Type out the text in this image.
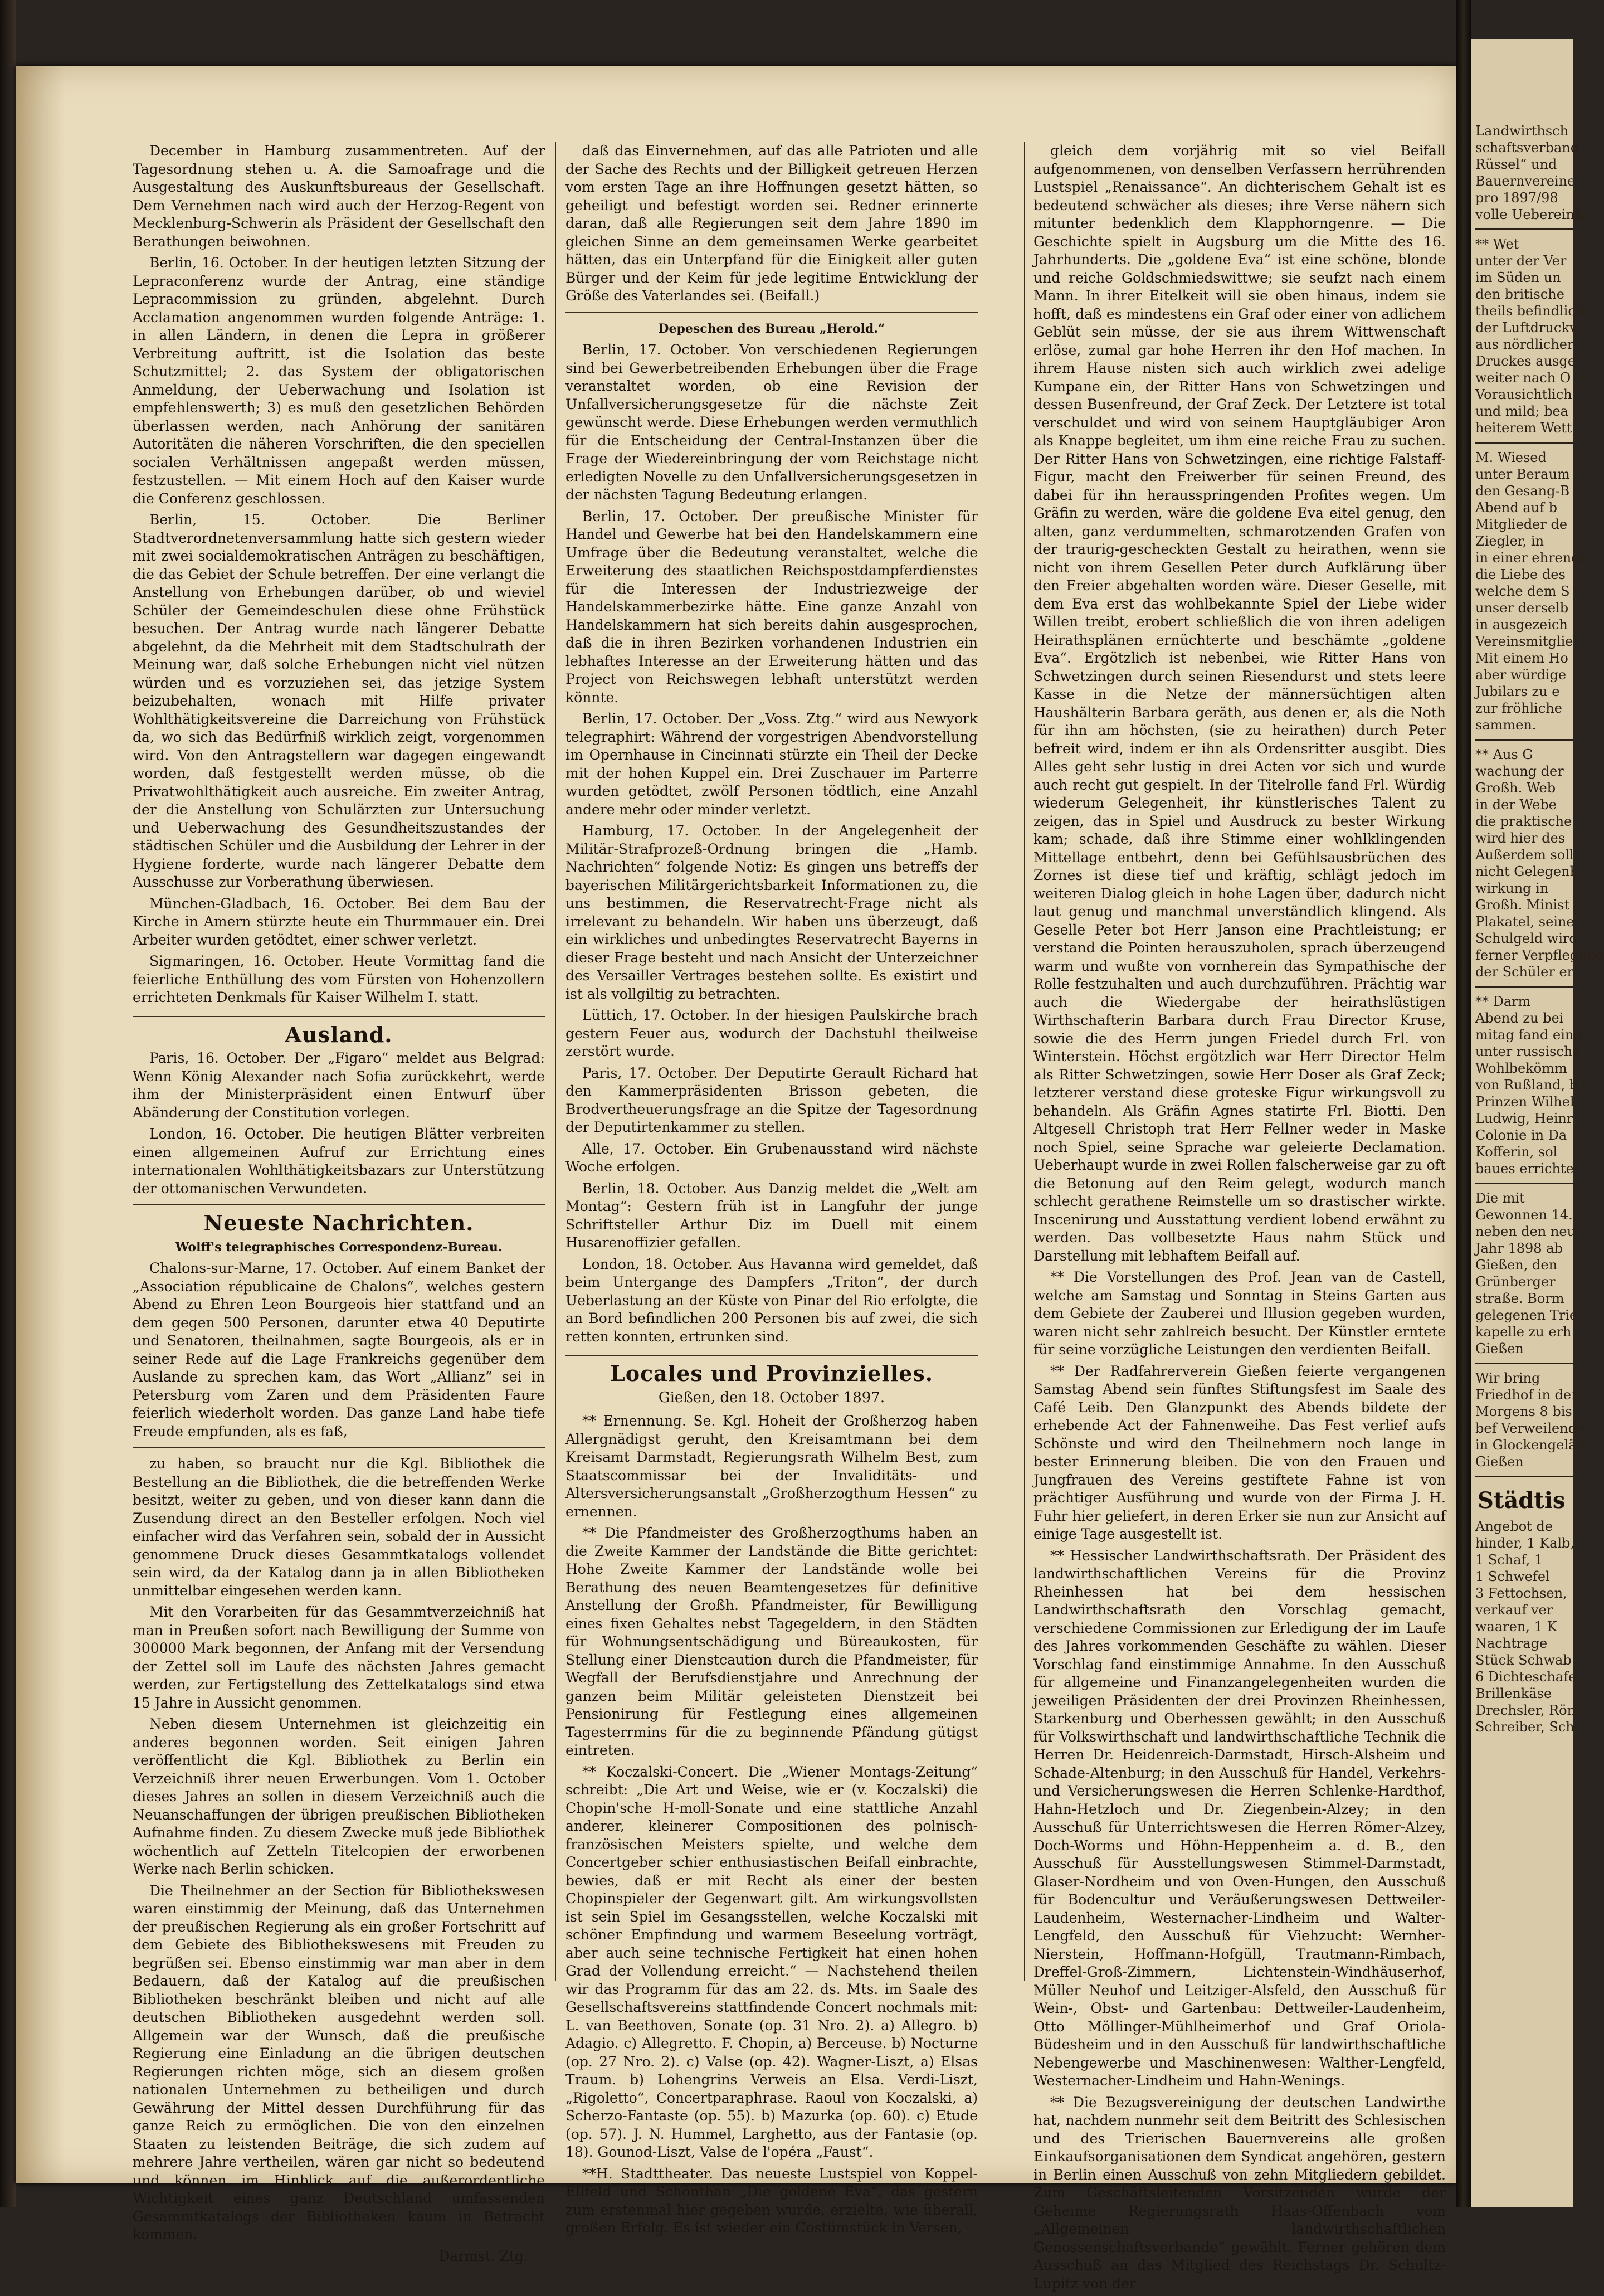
December in Hamburg zusammentreten. Auf der Tagesordnung stehen u. A. die Samoafrage und die Ausgestaltung des Auskunftsbureaus der Gesellschaft. Dem Vernehmen nach wird auch der Herzog-Regent von Mecklenburg-Schwerin als Präsident der Gesellschaft den Berathungen beiwohnen.

Berlin, 16. October. In der heutigen letzten Sitzung der Lepraconferenz wurde der Antrag, eine ständige Lepracommission zu gründen, abgelehnt. Durch Acclamation angenommen wurden folgende Anträge: 1. in allen Ländern, in denen die Lepra in größerer Verbreitung auftritt, ist die Isolation das beste Schutzmittel; 2. das System der obligatorischen Anmeldung, der Ueberwachung und Isolation ist empfehlenswerth; 3) es muß den gesetzlichen Behörden überlassen werden, nach Anhörung der sanitären Autoritäten die näheren Vorschriften, die den speciellen socialen Verhältnissen angepaßt werden müssen, festzustellen. — Mit einem Hoch auf den Kaiser wurde die Conferenz geschlossen.

Berlin, 15. October. Die Berliner Stadtverordnetenversammlung hatte sich gestern wieder mit zwei socialdemokratischen Anträgen zu beschäftigen, die das Gebiet der Schule betreffen. Der eine verlangt die Anstellung von Erhebungen darüber, ob und wieviel Schüler der Gemeindeschulen diese ohne Frühstück besuchen. Der Antrag wurde nach längerer Debatte abgelehnt, da die Mehrheit mit dem Stadtschulrath der Meinung war, daß solche Erhebungen nicht viel nützen würden und es vorzuziehen sei, das jetzige System beizubehalten, wonach mit Hilfe privater Wohlthätigkeitsvereine die Darreichung von Frühstück da, wo sich das Bedürfniß wirklich zeigt, vorgenommen wird. Von den Antragstellern war dagegen eingewandt worden, daß festgestellt werden müsse, ob die Privatwohlthätigkeit auch ausreiche. Ein zweiter Antrag, der die Anstellung von Schulärzten zur Untersuchung und Ueberwachung des Gesundheitszustandes der städtischen Schüler und die Ausbildung der Lehrer in der Hygiene forderte, wurde nach längerer Debatte dem Ausschusse zur Vorberathung überwiesen.

München-Gladbach, 16. October. Bei dem Bau der Kirche in Amern stürzte heute ein Thurmmauer ein. Drei Arbeiter wurden getödtet, einer schwer verletzt.

Sigmaringen, 16. October. Heute Vormittag fand die feierliche Enthüllung des vom Fürsten von Hohenzollern errichteten Denkmals für Kaiser Wilhelm I. statt.

Ausland.

Paris, 16. October. Der „Figaro“ meldet aus Belgrad: Wenn König Alexander nach Sofia zurückkehrt, werde ihm der Ministerpräsident einen Entwurf über Abänderung der Constitution vorlegen.

London, 16. October. Die heutigen Blätter verbreiten einen allgemeinen Aufruf zur Errichtung eines internationalen Wohlthätigkeitsbazars zur Unterstützung der ottomanischen Verwundeten.

Neueste Nachrichten.
Wolff's telegraphisches Correspondenz-Bureau.

Chalons-sur-Marne, 17. October. Auf einem Banket der „Association républicaine de Chalons“, welches gestern Abend zu Ehren Leon Bourgeois hier stattfand und an dem gegen 500 Personen, darunter etwa 40 Deputirte und Senatoren, theilnahmen, sagte Bourgeois, als er in seiner Rede auf die Lage Frankreichs gegenüber dem Auslande zu sprechen kam, das Wort „Allianz“ sei in Petersburg vom Zaren und dem Präsidenten Faure feierlich wiederholt worden. Das ganze Land habe tiefe Freude empfunden, als es faß,

zu haben, so braucht nur die Kgl. Bibliothek die Bestellung an die Bibliothek, die die betreffenden Werke besitzt, weiter zu geben, und von dieser kann dann die Zusendung direct an den Besteller erfolgen. Noch viel einfacher wird das Verfahren sein, sobald der in Aussicht genommene Druck dieses Gesammtkatalogs vollendet sein wird, da der Katalog dann ja in allen Bibliotheken unmittelbar eingesehen werden kann.

Mit den Vorarbeiten für das Gesammtverzeichniß hat man in Preußen sofort nach Bewilligung der Summe von 300000 Mark begonnen, der Anfang mit der Versendung der Zettel soll im Laufe des nächsten Jahres gemacht werden, zur Fertigstellung des Zettelkatalogs sind etwa 15 Jahre in Aussicht genommen.

Neben diesem Unternehmen ist gleichzeitig ein anderes begonnen worden. Seit einigen Jahren veröffentlicht die Kgl. Bibliothek zu Berlin ein Verzeichniß ihrer neuen Erwerbungen. Vom 1. October dieses Jahres an sollen in diesem Verzeichniß auch die Neuanschaffungen der übrigen preußischen Bibliotheken Aufnahme finden. Zu diesem Zwecke muß jede Bibliothek wöchentlich auf Zetteln Titelcopien der erworbenen Werke nach Berlin schicken.

Die Theilnehmer an der Section für Bibliothekswesen waren einstimmig der Meinung, daß das Unternehmen der preußischen Regierung als ein großer Fortschritt auf dem Gebiete des Bibliothekswesens mit Freuden zu begrüßen sei. Ebenso einstimmig war man aber in dem Bedauern, daß der Katalog auf die preußischen Bibliotheken beschränkt bleiben und nicht auf alle deutschen Bibliotheken ausgedehnt werden soll. Allgemein war der Wunsch, daß die preußische Regierung eine Einladung an die übrigen deutschen Regierungen richten möge, sich an diesem großen nationalen Unternehmen zu betheiligen und durch Gewährung der Mittel dessen Durchführung für das ganze Reich zu ermöglichen. Die von den einzelnen Staaten zu leistenden Beiträge, die sich zudem auf mehrere Jahre vertheilen, wären gar nicht so bedeutend und können im Hinblick auf die außerordentliche Wichtigkeit eines ganz Deutschland umfassenden Gesammtkatalogs der Bibliotheken kaum in Betracht kommen.

Darmst. Ztg.

daß das Einvernehmen, auf das alle Patrioten und alle der Sache des Rechts und der Billigkeit getreuen Herzen vom ersten Tage an ihre Hoffnungen gesetzt hätten, so geheiligt und befestigt worden sei. Redner erinnerte daran, daß alle Regierungen seit dem Jahre 1890 im gleichen Sinne an dem gemeinsamen Werke gearbeitet hätten, das ein Unterpfand für die Einigkeit aller guten Bürger und der Keim für jede legitime Entwicklung der Größe des Vaterlandes sei. (Beifall.)

Depeschen des Bureau „Herold.“

Berlin, 17. October. Von verschiedenen Regierungen sind bei Gewerbetreibenden Erhebungen über die Frage veranstaltet worden, ob eine Revision der Unfallversicherungsgesetze für die nächste Zeit gewünscht werde. Diese Erhebungen werden vermuthlich für die Entscheidung der Central-Instanzen über die Frage der Wiedereinbringung der vom Reichstage nicht erledigten Novelle zu den Unfallversicherungsgesetzen in der nächsten Tagung Bedeutung erlangen.

Berlin, 17. October. Der preußische Minister für Handel und Gewerbe hat bei den Handelskammern eine Umfrage über die Bedeutung veranstaltet, welche die Erweiterung des staatlichen Reichspostdampferdienstes für die Interessen der Industriezweige der Handelskammerbezirke hätte. Eine ganze Anzahl von Handelskammern hat sich bereits dahin ausgesprochen, daß die in ihren Bezirken vorhandenen Industrien ein lebhaftes Interesse an der Erweiterung hätten und das Project von Reichswegen lebhaft unterstützt werden könnte.

Berlin, 17. October. Der „Voss. Ztg.“ wird aus Newyork telegraphirt: Während der vorgestrigen Abendvorstellung im Opernhause in Cincinnati stürzte ein Theil der Decke mit der hohen Kuppel ein. Drei Zuschauer im Parterre wurden getödtet, zwölf Personen tödtlich, eine Anzahl andere mehr oder minder verletzt.

Hamburg, 17. October. In der Angelegenheit der Militär-Strafprozeß-Ordnung bringen die „Hamb. Nachrichten“ folgende Notiz: Es gingen uns betreffs der bayerischen Militärgerichtsbarkeit Informationen zu, die uns bestimmen, die Reservatrecht-Frage nicht als irrelevant zu behandeln. Wir haben uns überzeugt, daß ein wirkliches und unbedingtes Reservatrecht Bayerns in dieser Frage besteht und nach Ansicht der Unterzeichner des Versailler Vertrages bestehen sollte. Es existirt und ist als vollgiltig zu betrachten.

Lüttich, 17. October. In der hiesigen Paulskirche brach gestern Feuer aus, wodurch der Dachstuhl theilweise zerstört wurde.

Paris, 17. October. Der Deputirte Gerault Richard hat den Kammerpräsidenten Brisson gebeten, die Brodvertheuerungsfrage an die Spitze der Tagesordnung der Deputirtenkammer zu stellen.

Alle, 17. October. Ein Grubenausstand wird nächste Woche erfolgen.

Berlin, 18. October. Aus Danzig meldet die „Welt am Montag“: Gestern früh ist in Langfuhr der junge Schriftsteller Arthur Diz im Duell mit einem Husarenoffizier gefallen.

London, 18. October. Aus Havanna wird gemeldet, daß beim Untergange des Dampfers „Triton“, der durch Ueberlastung an der Küste von Pinar del Rio erfolgte, die an Bord befindlichen 200 Personen bis auf zwei, die sich retten konnten, ertrunken sind.

Locales und Provinzielles.
Gießen, den 18. October 1897.

** Ernennung. Se. Kgl. Hoheit der Großherzog haben Allergnädigst geruht, den Kreisamtmann bei dem Kreisamt Darmstadt, Regierungsrath Wilhelm Best, zum Staatscommissar bei der Invaliditäts- und Altersversicherungsanstalt „Großherzogthum Hessen“ zu ernennen.

** Die Pfandmeister des Großherzogthums haben an die Zweite Kammer der Landstände die Bitte gerichtet: Hohe Zweite Kammer der Landstände wolle bei Berathung des neuen Beamtengesetzes für definitive Anstellung der Großh. Pfandmeister, für Bewilligung eines fixen Gehaltes nebst Tagegeldern, in den Städten für Wohnungsentschädigung und Büreaukosten, für Stellung einer Dienstcaution durch die Pfandmeister, für Wegfall der Berufsdienstjahre und Anrechnung der ganzen beim Militär geleisteten Dienstzeit bei Pensionirung für Festlegung eines allgemeinen Tagesterrmins für die zu beginnende Pfändung gütigst eintreten.

** Koczalski-Concert. Die „Wiener Montags-Zeitung“ schreibt: „Die Art und Weise, wie er (v. Koczalski) die Chopin'sche H-moll-Sonate und eine stattliche Anzahl anderer, kleinerer Compositionen des polnisch-französischen Meisters spielte, und welche dem Concertgeber schier enthusiastischen Beifall einbrachte, bewies, daß er mit Recht als einer der besten Chopinspieler der Gegenwart gilt. Am wirkungsvollsten ist sein Spiel im Gesangsstellen, welche Koczalski mit schöner Empfindung und warmem Beseelung vorträgt, aber auch seine technische Fertigkeit hat einen hohen Grad der Vollendung erreicht.“ — Nachstehend theilen wir das Programm für das am 22. ds. Mts. im Saale des Gesellschaftsvereins stattfindende Concert nochmals mit: L. van Beethoven, Sonate (op. 31 Nro. 2). a) Allegro. b) Adagio. c) Allegretto. F. Chopin, a) Berceuse. b) Nocturne (op. 27 Nro. 2). c) Valse (op. 42). Wagner-Liszt, a) Elsas Traum. b) Lohengrins Verweis an Elsa. Verdi-Liszt, „Rigoletto“, Concertparaphrase. Raoul von Koczalski, a) Scherzo-Fantaste (op. 55). b) Mazurka (op. 60). c) Etude (op. 57). J. N. Hummel, Larghetto, aus der Fantasie (op. 18). Gounod-Liszt, Valse de l'opéra „Faust“.

**H. Stadttheater. Das neueste Lustspiel von Koppel-Ellfeld und Schönthan „Die goldene Eva“, das gestern zum erstenmal hier gegeben wurde, erzielte, wie überall, großen Erfolg. Es ist wieder ein Costümstück in Versen,

gleich dem vorjährig mit so viel Beifall aufgenommenen, von denselben Verfassern herrührenden Lustspiel „Renaissance“. An dichterischem Gehalt ist es bedeutend schwächer als dieses; ihre Verse nähern sich mitunter bedenklich dem Klapphorngenre. — Die Geschichte spielt in Augsburg um die Mitte des 16. Jahrhunderts. Die „goldene Eva“ ist eine schöne, blonde und reiche Goldschmiedswittwe; sie seufzt nach einem Mann. In ihrer Eitelkeit will sie oben hinaus, indem sie hofft, daß es mindestens ein Graf oder einer von adlichem Geblüt sein müsse, der sie aus ihrem Wittwenschaft erlöse, zumal gar hohe Herren ihr den Hof machen. In ihrem Hause nisten sich auch wirklich zwei adelige Kumpane ein, der Ritter Hans von Schwetzingen und dessen Busenfreund, der Graf Zeck. Der Letztere ist total verschuldet und wird von seinem Hauptgläubiger Aron als Knappe begleitet, um ihm eine reiche Frau zu suchen. Der Ritter Hans von Schwetzingen, eine richtige Falstaff-Figur, macht den Freiwerber für seinen Freund, des dabei für ihn herausspringenden Profites wegen. Um Gräfin zu werden, wäre die goldene Eva eitel genug, den alten, ganz verdummelten, schmarotzenden Grafen von der traurig-gescheckten Gestalt zu heirathen, wenn sie nicht von ihrem Gesellen Peter durch Aufklärung über den Freier abgehalten worden wäre. Dieser Geselle, mit dem Eva erst das wohlbekannte Spiel der Liebe wider Willen treibt, erobert schließlich die von ihren adeligen Heirathsplänen ernüchterte und beschämte „goldene Eva“. Ergötzlich ist nebenbei, wie Ritter Hans von Schwetzingen durch seinen Riesendurst und stets leere Kasse in die Netze der männersüchtigen alten Haushälterin Barbara geräth, aus denen er, als die Noth für ihn am höchsten, (sie zu heirathen) durch Peter befreit wird, indem er ihn als Ordensritter ausgibt. Dies Alles geht sehr lustig in drei Acten vor sich und wurde auch recht gut gespielt. In der Titelrolle fand Frl. Würdig wiederum Gelegenheit, ihr künstlerisches Talent zu zeigen, das in Spiel und Ausdruck zu bester Wirkung kam; schade, daß ihre Stimme einer wohlklingenden Mittellage entbehrt, denn bei Gefühlsausbrüchen des Zornes ist diese tief und kräftig, schlägt jedoch im weiteren Dialog gleich in hohe Lagen über, dadurch nicht laut genug und manchmal unverständlich klingend. Als Geselle Peter bot Herr Janson eine Prachtleistung; er verstand die Pointen herauszuholen, sprach überzeugend warm und wußte von vornherein das Sympathische der Rolle festzuhalten und auch durchzuführen. Prächtig war auch die Wiedergabe der heirathslüstigen Wirthschafterin Barbara durch Frau Director Kruse, sowie die des Herrn jungen Friedel durch Frl. von Winterstein. Höchst ergötzlich war Herr Director Helm als Ritter Schwetzingen, sowie Herr Doser als Graf Zeck; letzterer verstand diese groteske Figur wirkungsvoll zu behandeln. Als Gräfin Agnes statirte Frl. Biotti. Den Altgesell Christoph trat Herr Fellner weder in Maske noch Spiel, seine Sprache war geleierte Declamation. Ueberhaupt wurde in zwei Rollen falscherweise gar zu oft die Betonung auf den Reim gelegt, wodurch manch schlecht gerathene Reimstelle um so drastischer wirkte. Inscenirung und Ausstattung verdient lobend erwähnt zu werden. Das vollbesetzte Haus nahm Stück und Darstellung mit lebhaftem Beifall auf.

** Die Vorstellungen des Prof. Jean van de Castell, welche am Samstag und Sonntag in Steins Garten aus dem Gebiete der Zauberei und Illusion gegeben wurden, waren nicht sehr zahlreich besucht. Der Künstler erntete für seine vorzügliche Leistungen den verdienten Beifall.

** Der Radfahrerverein Gießen feierte vergangenen Samstag Abend sein fünftes Stiftungsfest im Saale des Café Leib. Den Glanzpunkt des Abends bildete der erhebende Act der Fahnenweihe. Das Fest verlief aufs Schönste und wird den Theilnehmern noch lange in bester Erinnerung bleiben. Die von den Frauen und Jungfrauen des Vereins gestiftete Fahne ist von prächtiger Ausführung und wurde von der Firma J. H. Fuhr hier geliefert, in deren Erker sie nun zur Ansicht auf einige Tage ausgestellt ist.

** Hessischer Landwirthschaftsrath. Der Präsident des landwirthschaftlichen Vereins für die Provinz Rheinhessen hat bei dem hessischen Landwirthschaftsrath den Vorschlag gemacht, verschiedene Commissionen zur Erledigung der im Laufe des Jahres vorkommenden Geschäfte zu wählen. Dieser Vorschlag fand einstimmige Annahme. In den Ausschuß für allgemeine und Finanzangelegenheiten wurden die jeweiligen Präsidenten der drei Provinzen Rheinhessen, Starkenburg und Oberhessen gewählt; in den Ausschuß für Volkswirthschaft und landwirthschaftliche Technik die Herren Dr. Heidenreich-Darmstadt, Hirsch-Alsheim und Schade-Altenburg; in den Ausschuß für Handel, Verkehrs- und Versicherungswesen die Herren Schlenke-Hardthof, Hahn-Hetzloch und Dr. Ziegenbein-Alzey; in den Ausschuß für Unterrichtswesen die Herren Römer-Alzey, Doch-Worms und Höhn-Heppenheim a. d. B., den Ausschuß für Ausstellungswesen Stimmel-Darmstadt, Glaser-Nordheim und von Oven-Hungen, den Ausschuß für Bodencultur und Veräußerungswesen Dettweiler-Laudenheim, Westernacher-Lindheim und Walter-Lengfeld, den Ausschuß für Viehzucht: Wernher-Nierstein, Hoffmann-Hofgüll, Trautmann-Rimbach, Dreffel-Groß-Zimmern, Lichtenstein-Windhäuserhof, Müller Neuhof und Leitziger-Alsfeld, den Ausschuß für Wein-, Obst- und Gartenbau: Dettweiler-Laudenheim, Otto Möllinger-Mühlheimerhof und Graf Oriola-Büdesheim und in den Ausschuß für landwirthschaftliche Nebengewerbe und Maschinenwesen: Walther-Lengfeld, Westernacher-Lindheim und Hahn-Wenings.

** Die Bezugsvereinigung der deutschen Landwirthe hat, nachdem nunmehr seit dem Beitritt des Schlesischen und des Trierischen Bauernvereins alle großen Einkaufsorganisationen dem Syndicat angehören, gestern in Berlin einen Ausschuß von zehn Mitgliedern gebildet. Zum Geschäftsleitenden Vorsitzenden wurde der Geheime Regierungsrath Haas-Offenbach vom „Allgemeinen landwirthschaftlichen Genossenschaftsverbande“ gewählt. Ferner gehören dem Ausschuß an das Mitglied des Reichstags Dr. Schultz-Lupitz von der

Landwirthsch
schaftsverband
Rüssel“ und
Bauernvereine
pro 1897/98
volle Uebereink
** Wet
unter der Ver
im Süden un
den britische
theils befindlich
der Luftdruckv
aus nördlicher
Druckes ausge
weiter nach O
Vorausichtlich
und mild; bea
heiterem Wett
M. Wiesed
unter Beraum
den Gesang-B
Abend auf b
Mitglieder de
Ziegler, in
in einer ehrende
die Liebe des
welche dem S
unser derselb
in ausgezeich
Vereinsmitglie
Mit einem Ho
aber würdige
Jubilars zu e
zur fröhliche
sammen.
** Aus G
wachung der
Großh. Web
in der Webe
die praktische
wird hier des
Außerdem soll
nicht Gelegenh
wirkung in
Großh. Minist
Plakatel, seine
Schulgeld wird
ferner Verpflegung
der Schüler er
** Darm
Abend zu bei
mitag fand eine
unter russische
Wohlbekömm
von Rußland, b
Prinzen Wilhel
Ludwig, Heinr
Colonie in Da
Kofferin, sol
baues errichte
Die mit
Gewonnen 14.
neben den neu
Jahr 1898 ab
Gießen, den
Grünberger
straße. Borm
gelegenen Trie
kapelle zu erh
Gießen
Wir bring
Friedhof in der
Morgens 8 bis
bef Verweilende
in Glockengeläu
Gießen
Städtis
Angebot de
hinder, 1 Kalb,
1 Schaf, 1
1 Schwefel
3 Fettochsen,
verkauf ver
waaren, 1 K
Nachtrage
Stück Schwab
6 Dichteschafe
Brillenkäse
Drechsler, Röm
Schreiber, Sch
